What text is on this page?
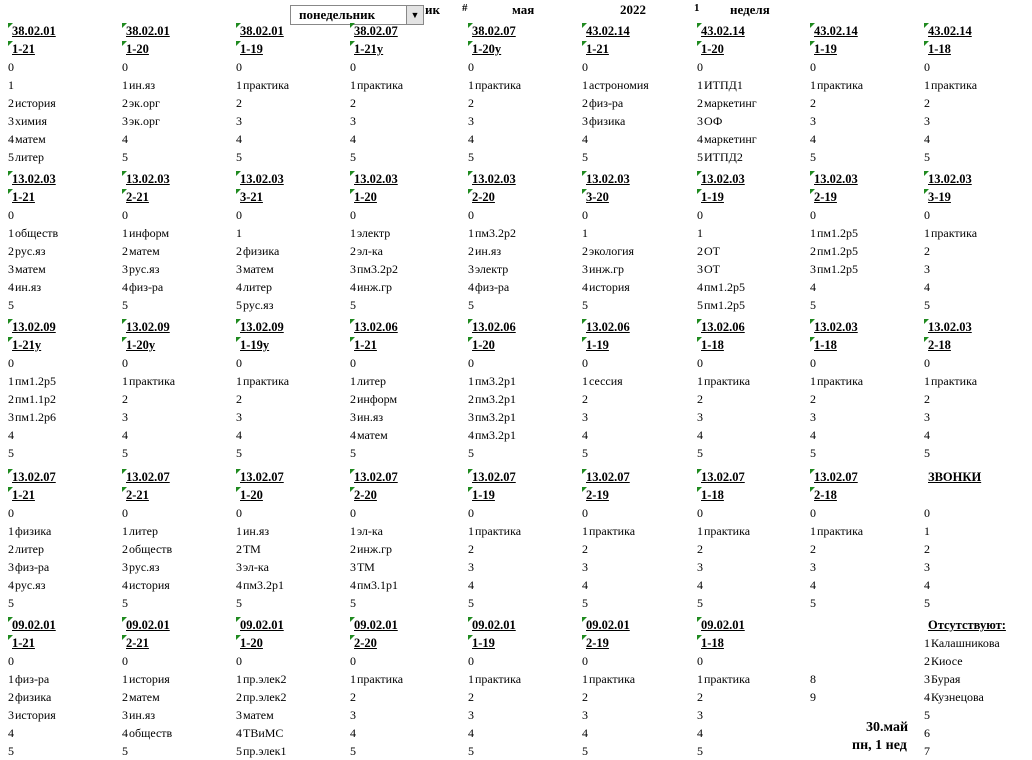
ик
понедельник	▼
#	мая	2022	1 неделя
38.02.01
1-21
0
1
2 история
3 химия
4 матем
5 литер
38.02.01
1-20
0
1 ин.яз
2 эк.орг
3 эк.орг
4
5
38.02.01
1-19
0
1 практика
2
3
4
5
38.02.07
1-21у
0
1 практика
2
3
4
5
38.02.07
1-20у
0
1 практика
2
3
4
5
43.02.14
1-21
0
1 астрономия
2 физ-ра
3 физика
4
5
43.02.14
1-20
0
1 ИТПД1
2 маркетинг
3 ОФ
4 маркетинг
5 ИТПД2
43.02.14
1-19
0
1 практика
2
3
4
5
43.02.14
1-18
0
1 практика
2
3
4
5
13.02.03
1-21
0
1 обществ
2 рус.яз
3 матем
4 ин.яз
5
13.02.03
2-21
0
1 информ
2 матем
3 рус.яз
4 физ-ра
5
13.02.03
3-21
0
1
2 физика
3 матем
4 литер
5 рус.яз
13.02.03
1-20
0
1 электр
2 эл-ка
3 пм3.2р2
4 инж.гр
5
13.02.03
2-20
0
1 пм3.2р2
2 ин.яз
3 электр
4 физ-ра
5
13.02.03
3-20
0
1
2 экология
3 инж.гр
4 история
5
13.02.03
1-19
0
1
2 ОТ
3 ОТ
4 пм1.2р5
5 пм1.2р5
13.02.03
2-19
0
1 пм1.2р5
2 пм1.2р5
3 пм1.2р5
4
5
13.02.03
3-19
0
1 практика
2
3
4
5
13.02.09
1-21у
0
1 пм1.2р5
2 пм1.1р2
3 пм1.2р6
4
5
13.02.09
1-20у
0
1 практика
2
3
4
5
13.02.09
1-19у
0
1 практика
2
3
4
5
13.02.06
1-21
0
1 литер
2 информ
3 ин.яз
4 матем
5
13.02.06
1-20
0
1 пм3.2р1
2 пм3.2р1
3 пм3.2р1
4 пм3.2р1
5
13.02.06
1-19
0
1 сессия
2
3
4
5
13.02.06
1-18
0
1 практика
2
3
4
5
13.02.03
1-18
0
1 практика
2
3
4
5
13.02.03
2-18
0
1 практика
2
3
4
5
13.02.07
1-21
0
1 физика
2 литер
3 физ-ра
4 рус.яз
5
13.02.07
2-21
0
1 литер
2 обществ
3 рус.яз
4 история
5
13.02.07
1-20
0
1 ин.яз
2 ТМ
3 эл-ка
4 пм3.2р1
5
13.02.07
2-20
0
1 эл-ка
2 инж.гр
3 ТМ
4 пм3.1р1
5
13.02.07
1-19
0
1 практика
2
3
4
5
13.02.07
2-19
0
1 практика
2
3
4
5
13.02.07
1-18
0
1 практика
2
3
4
5
13.02.07
2-18
0
1 практика
2
3
4
5
09.02.01
1-21
0
1 физ-ра
2 физика
3 история
4
5
09.02.01
2-21
0
1 история
2 матем
3 ин.яз
4 обществ
5
09.02.01
1-20
0
1 пр.элек2
2 пр.элек2
3 матем
4 ТВиМС
5 пр.элек1
09.02.01
2-20
0
1 практика
2
3
4
5
09.02.01
1-19
0
1 практика
2
3
4
5
09.02.01
2-19
0
1 практика
2
3
4
5
09.02.01
1-18
0
1 практика
2
3
4
5
ЗВОНКИ
0
1
2
3
4
5
8
9
Отсутствуют:
1 Калашникова
2 Киосе
3 Бурая
4 Кузнецова
5
6
7
30.май
пн, 1 нед
